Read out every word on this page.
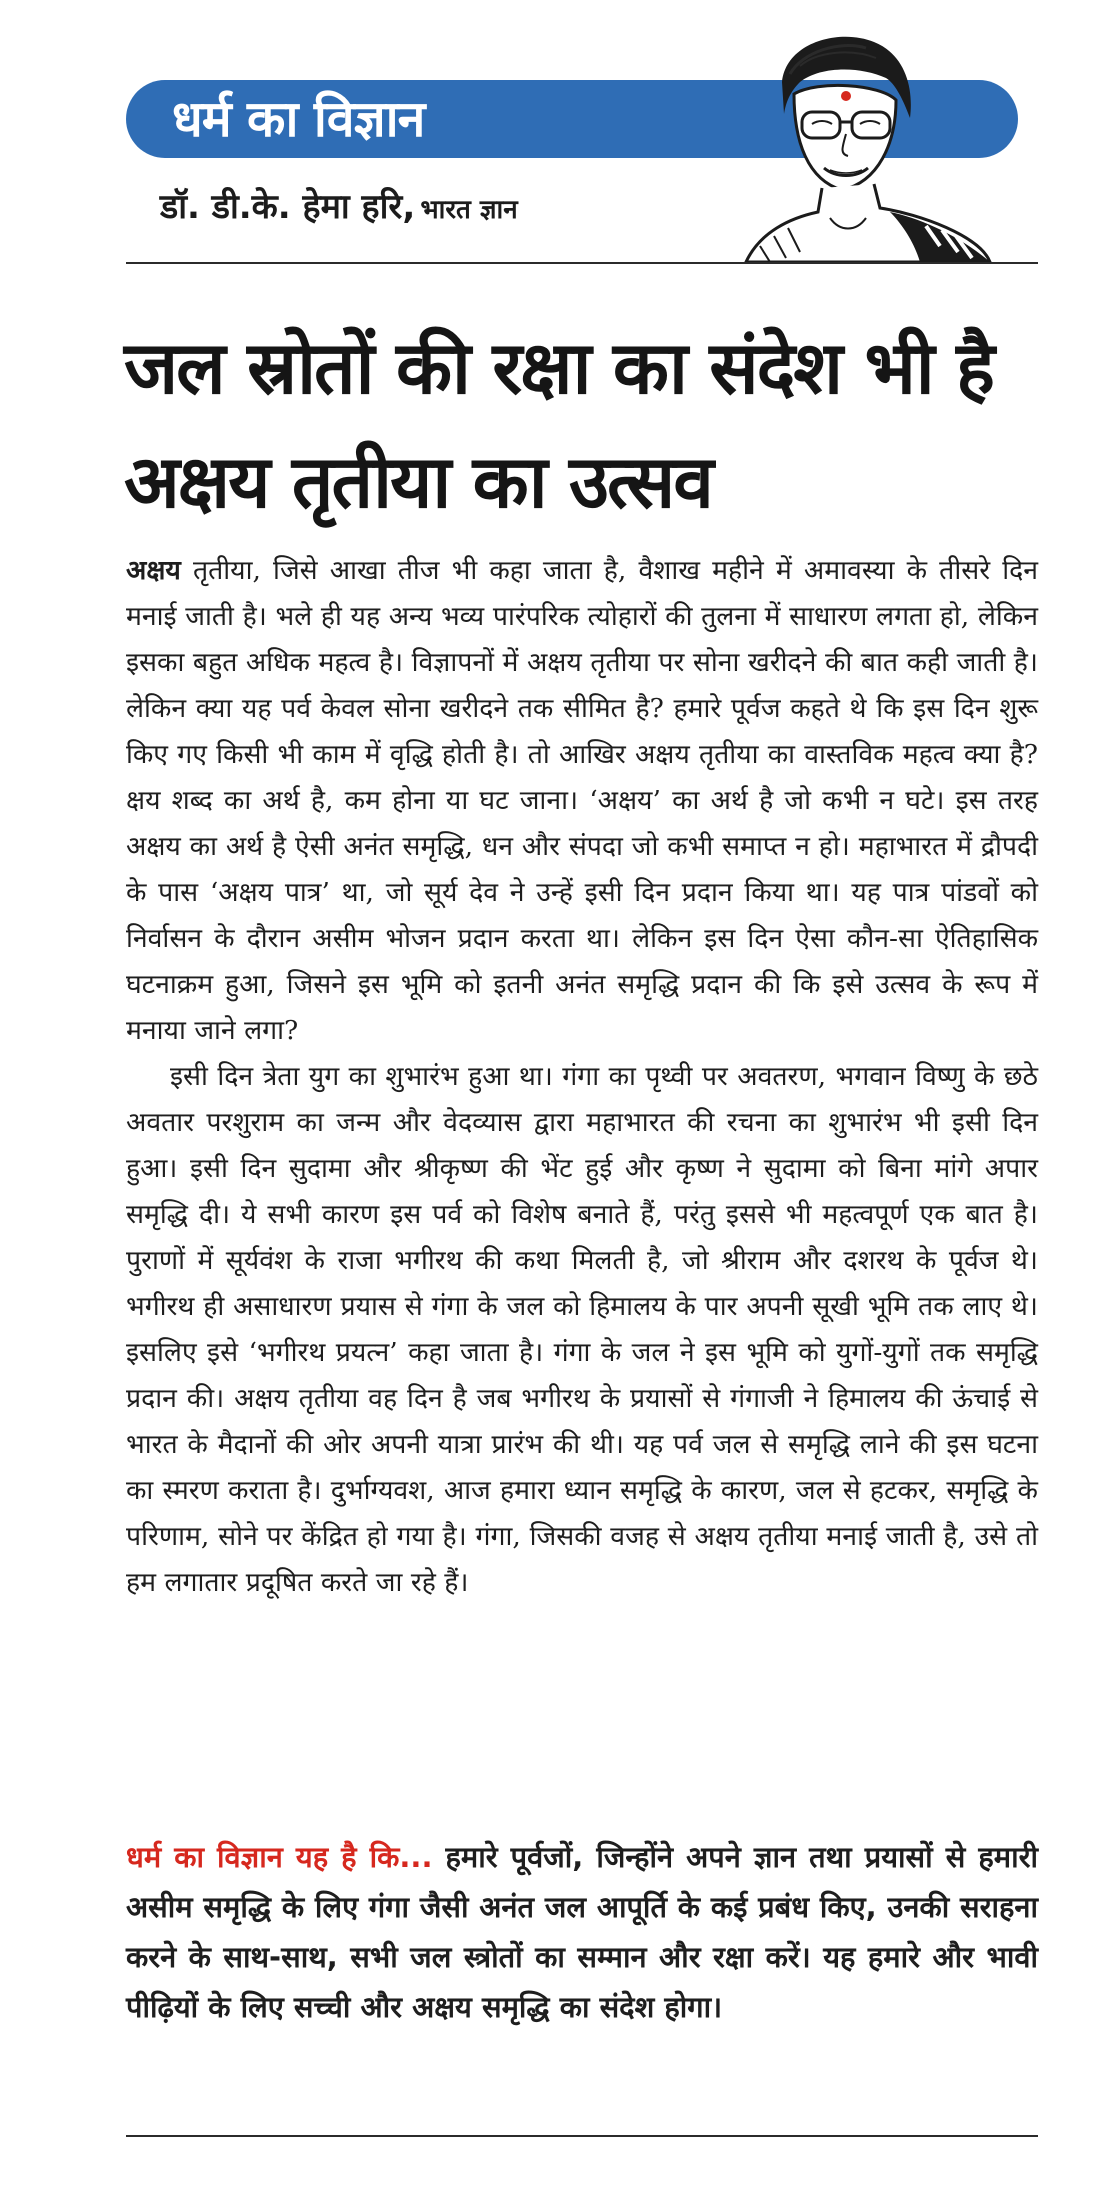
धर्म का विज्ञान

डॉ. डी.के. हेमा हरि, भारत ज्ञान

जल स्रोतों की रक्षा का संदेश भी है अक्षय तृतीया का उत्सव

अक्षय तृतीया, जिसे आखा तीज भी कहा जाता है, वैशाख महीने में अमावस्या के तीसरे दिन मनाई जाती है। भले ही यह अन्य भव्य पारंपरिक त्योहारों की तुलना में साधारण लगता हो, लेकिन इसका बहुत अधिक महत्व है। विज्ञापनों में अक्षय तृतीया पर सोना खरीदने की बात कही जाती है। लेकिन क्या यह पर्व केवल सोना खरीदने तक सीमित है? हमारे पूर्वज कहते थे कि इस दिन शुरू किए गए किसी भी काम में वृद्धि होती है। तो आखिर अक्षय तृतीया का वास्तविक महत्व क्या है? क्षय शब्द का अर्थ है, कम होना या घट जाना। ‘अक्षय’ का अर्थ है जो कभी न घटे। इस तरह अक्षय का अर्थ है ऐसी अनंत समृद्धि, धन और संपदा जो कभी समाप्त न हो। महाभारत में द्रौपदी के पास ‘अक्षय पात्र’ था, जो सूर्य देव ने उन्हें इसी दिन प्रदान किया था। यह पात्र पांडवों को निर्वासन के दौरान असीम भोजन प्रदान करता था। लेकिन इस दिन ऐसा कौन-सा ऐतिहासिक घटनाक्रम हुआ, जिसने इस भूमि को इतनी अनंत समृद्धि प्रदान की कि इसे उत्सव के रूप में मनाया जाने लगा?

इसी दिन त्रेता युग का शुभारंभ हुआ था। गंगा का पृथ्वी पर अवतरण, भगवान विष्णु के छठे अवतार परशुराम का जन्म और वेदव्यास द्वारा महाभारत की रचना का शुभारंभ भी इसी दिन हुआ। इसी दिन सुदामा और श्रीकृष्ण की भेंट हुई और कृष्ण ने सुदामा को बिना मांगे अपार समृद्धि दी। ये सभी कारण इस पर्व को विशेष बनाते हैं, परंतु इससे भी महत्वपूर्ण एक बात है। पुराणों में सूर्यवंश के राजा भगीरथ की कथा मिलती है, जो श्रीराम और दशरथ के पूर्वज थे। भगीरथ ही असाधारण प्रयास से गंगा के जल को हिमालय के पार अपनी सूखी भूमि तक लाए थे। इसलिए इसे ‘भगीरथ प्रयत्न’ कहा जाता है। गंगा के जल ने इस भूमि को युगों-युगों तक समृद्धि प्रदान की। अक्षय तृतीया वह दिन है जब भगीरथ के प्रयासों से गंगाजी ने हिमालय की ऊंचाई से भारत के मैदानों की ओर अपनी यात्रा प्रारंभ की थी। यह पर्व जल से समृद्धि लाने की इस घटना का स्मरण कराता है। दुर्भाग्यवश, आज हमारा ध्यान समृद्धि के कारण, जल से हटकर, समृद्धि के परिणाम, सोने पर केंद्रित हो गया है। गंगा, जिसकी वजह से अक्षय तृतीया मनाई जाती है, उसे तो हम लगातार प्रदूषित करते जा रहे हैं।

धर्म का विज्ञान यह है कि... हमारे पूर्वजों, जिन्होंने अपने ज्ञान तथा प्रयासों से हमारी असीम समृद्धि के लिए गंगा जैसी अनंत जल आपूर्ति के कई प्रबंध किए, उनकी सराहना करने के साथ-साथ, सभी जल स्त्रोतों का सम्मान और रक्षा करें। यह हमारे और भावी पीढ़ियों के लिए सच्ची और अक्षय समृद्धि का संदेश होगा।
